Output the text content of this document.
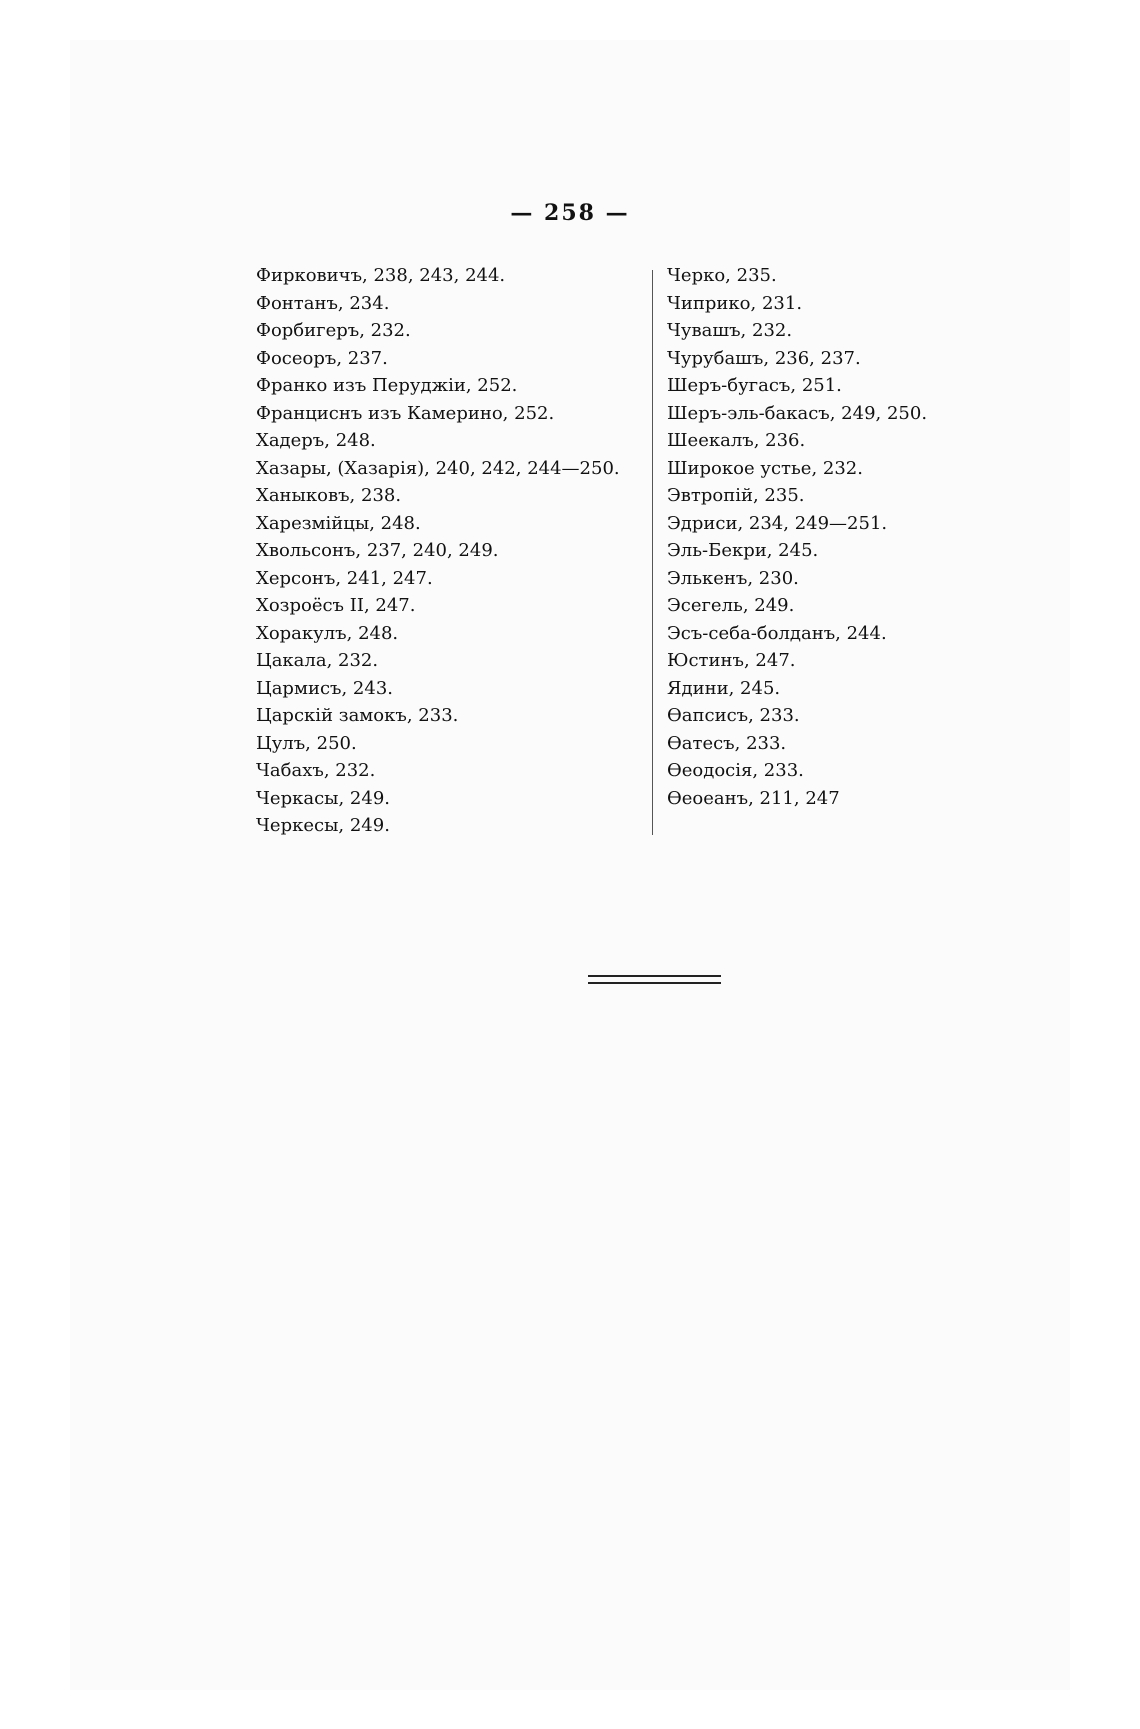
— 258 —
Фирковичъ, 238, 243, 244.
Фонтанъ, 234.
Форбигеръ, 232.
Фосеоръ, 237.
Франко изъ Перуджіи, 252.
Франциснъ изъ Камерино, 252.
Хадеръ, 248.
Хазары, (Хазарія), 240, 242, 244—250.
Ханыковъ, 238.
Харезмійцы, 248.
Хвольсонъ, 237, 240, 249.
Херсонъ, 241, 247.
Хозроёсъ II, 247.
Хоракулъ, 248.
Цакала, 232.
Цармисъ, 243.
Царскій замокъ, 233.
Цулъ, 250.
Чабахъ, 232.
Черкасы, 249.
Черкесы, 249.
Черко, 235.
Чиприко, 231.
Чувашъ, 232.
Чурубашъ, 236, 237.
Шеръ-бугасъ, 251.
Шеръ-эль-бакасъ, 249, 250.
Шеекалъ, 236.
Широкое устье, 232.
Эвтропій, 235.
Эдриси, 234, 249—251.
Эль-Бекри, 245.
Элькенъ, 230.
Эсегель, 249.
Эсъ-себа-болданъ, 244.
Юстинъ, 247.
Ядини, 245.
Өапсисъ, 233.
Өатесъ, 233.
Өеодосія, 233.
Өеоеанъ, 211, 247
